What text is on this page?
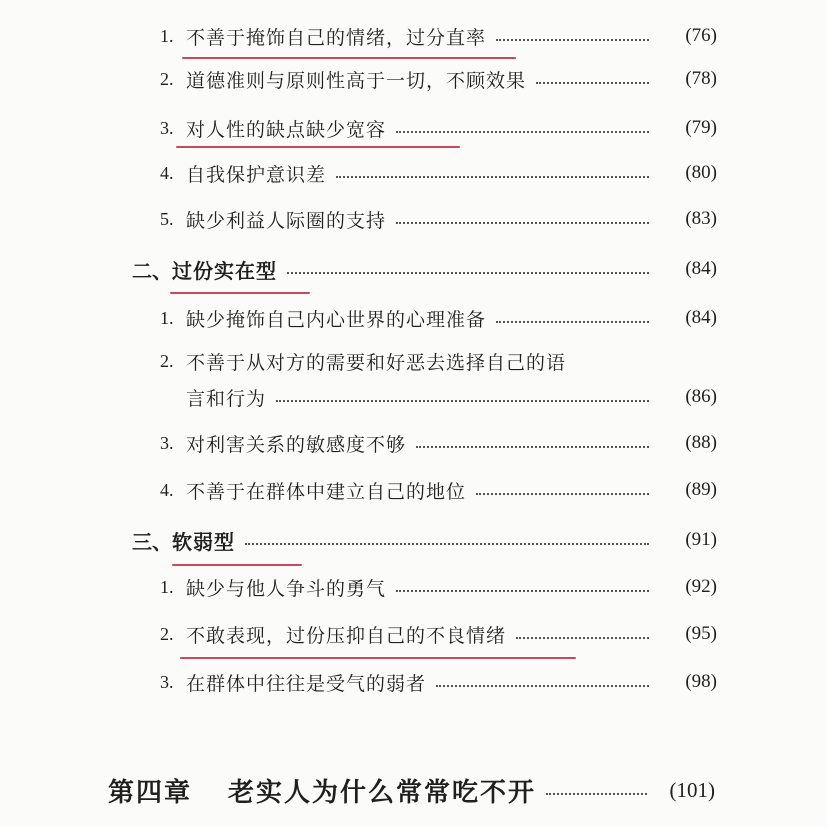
1. 不善于掩饰自己的情绪，过分直率	(76)
2. 道德准则与原则性高于一切，不顾效果	(78)
3. 对人性的缺点缺少宽容	(79)
4. 自我保护意识差	(80)
5. 缺少利益人际圈的支持	(83)
二、 过份实在型	(84)
1. 缺少掩饰自己内心世界的心理准备	(84)
2. 不善于从对方的需要和好恶去选择自己的语
言和行为	(86)
3. 对利害关系的敏感度不够	(88)
4. 不善于在群体中建立自己的地位	(89)
三、 软弱型	(91)
1. 缺少与他人争斗的勇气	(92)
2. 不敢表现，过份压抑自己的不良情绪	(95)
3. 在群体中往往是受气的弱者	(98)
第四章 老实人为什么常常吃不开	(101)
